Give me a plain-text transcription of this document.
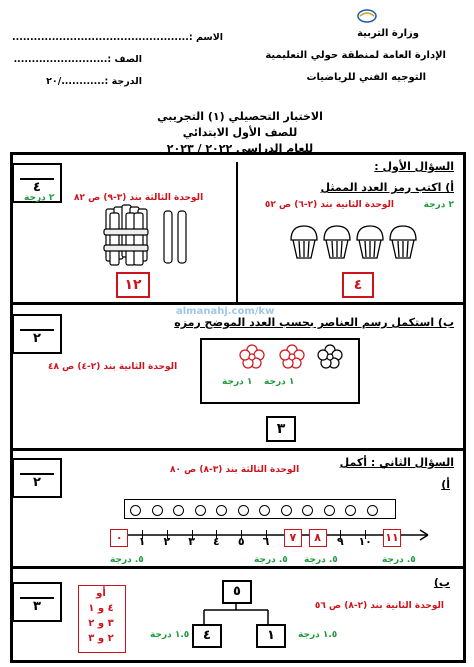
وزارة التربية
الإدارة العامة لمنطقة حولي التعليمية
التوجيه الفني للرياضيات
الاسم :.................................................
الصف :..........................
الدرجة :............/٢٠
الاختبار التحصيلي (١) التجريبي
للصف الأول الابتدائي
للعام الدراسي ٢٠٢٢ / ٢٠٢٣
٤
السؤال الأول :
أ) اكتب رمز العدد الممثل
الوحدة الثانية بند (٢-٦) ص ٥٢	٢ درجة
الوحدة الثالثة بند (٣-٩) ص ٨٢
٢ درجة
٤
١٢
٢
ب) استكمل رسم العناصر بحسب العدد الموضح رمزه
almanahj.com/kw
الوحدة الثانية بند (٢-٤) ص ٤٨
١ درجة
١ درجة
٣
٢
السؤال الثاني : أكمل
أ)
الوحدة الثالثة بند (٣-٨) ص ٨٠
١١
١٠
٩
٨
٧
٦
٥
٤
٣
٢
١
٠
٥. درجة
٥. درجة
٥. درجة
٥. درجة
٣
ب)
الوحدة الثانية بند (٢-٨) ص ٥٦
أو
٤ و ١
٣ و ٢
٢ و ٣
٥
٤	١
١.٥ درجة	١.٥ درجة
